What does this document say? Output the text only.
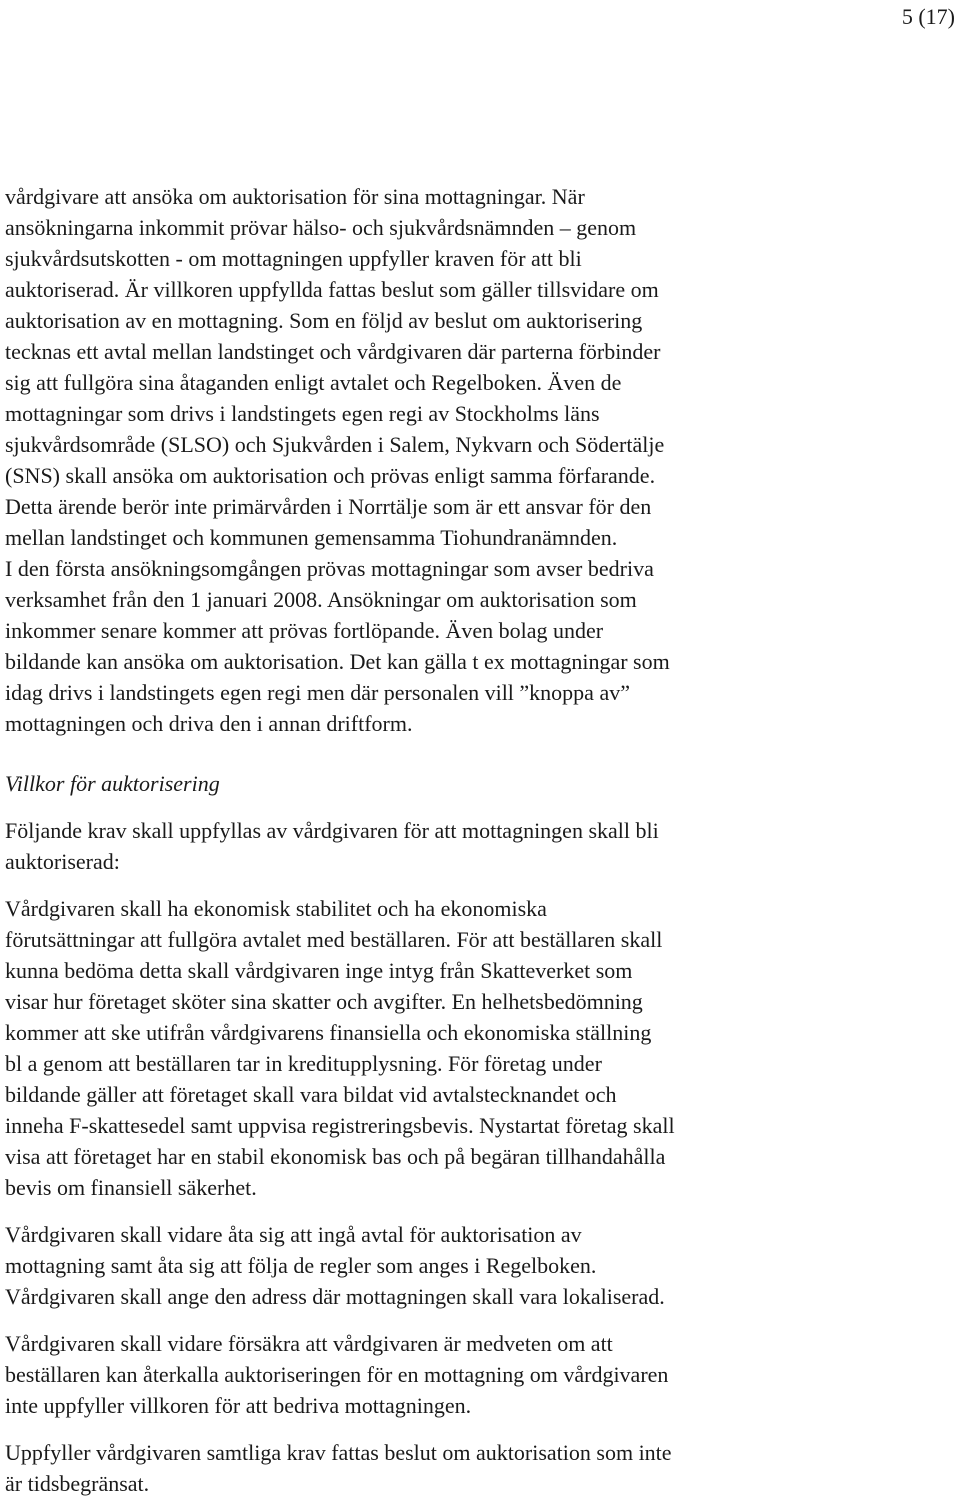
5 (17)

vårdgivare att ansöka om auktorisation för sina mottagningar. När
ansökningarna inkommit prövar hälso- och sjukvårdsnämnden – genom
sjukvårdsutskotten - om mottagningen uppfyller kraven för att bli
auktoriserad. Är villkoren uppfyllda fattas beslut som gäller tillsvidare om
auktorisation av en mottagning. Som en följd av beslut om auktorisering
tecknas ett avtal mellan landstinget och vårdgivaren där parterna förbinder
sig att fullgöra sina åtaganden enligt avtalet och Regelboken. Även de
mottagningar som drivs i landstingets egen regi av Stockholms läns
sjukvårdsområde (SLSO) och Sjukvården i Salem, Nykvarn och Södertälje
(SNS) skall ansöka om auktorisation och prövas enligt samma förfarande.
Detta ärende berör inte primärvården i Norrtälje som är ett ansvar för den
mellan landstinget och kommunen gemensamma Tiohundranämnden.
I den första ansökningsomgången prövas mottagningar som avser bedriva
verksamhet från den 1 januari 2008. Ansökningar om auktorisation som
inkommer senare kommer att prövas fortlöpande. Även bolag under
bildande kan ansöka om auktorisation. Det kan gälla t ex mottagningar som
idag drivs i landstingets egen regi men där personalen vill ”knoppa av”
mottagningen och driva den i annan driftform.

Villkor för auktorisering

Följande krav skall uppfyllas av vårdgivaren för att mottagningen skall bli
auktoriserad:

Vårdgivaren skall ha ekonomisk stabilitet och ha ekonomiska
förutsättningar att fullgöra avtalet med beställaren. För att beställaren skall
kunna bedöma detta skall vårdgivaren inge intyg från Skatteverket som
visar hur företaget sköter sina skatter och avgifter. En helhetsbedömning
kommer att ske utifrån vårdgivarens finansiella och ekonomiska ställning
bl a genom att beställaren tar in kreditupplysning. För företag under
bildande gäller att företaget skall vara bildat vid avtalstecknandet och
inneha F-skattesedel samt uppvisa registreringsbevis. Nystartat företag skall
visa att företaget har en stabil ekonomisk bas och på begäran tillhandahålla
bevis om finansiell säkerhet.

Vårdgivaren skall vidare åta sig att ingå avtal för auktorisation av
mottagning samt åta sig att följa de regler som anges i Regelboken.
Vårdgivaren skall ange den adress där mottagningen skall vara lokaliserad.

Vårdgivaren skall vidare försäkra att vårdgivaren är medveten om att
beställaren kan återkalla auktoriseringen för en mottagning om vårdgivaren
inte uppfyller villkoren för att bedriva mottagningen.

Uppfyller vårdgivaren samtliga krav fattas beslut om auktorisation som inte
är tidsbegränsat.
